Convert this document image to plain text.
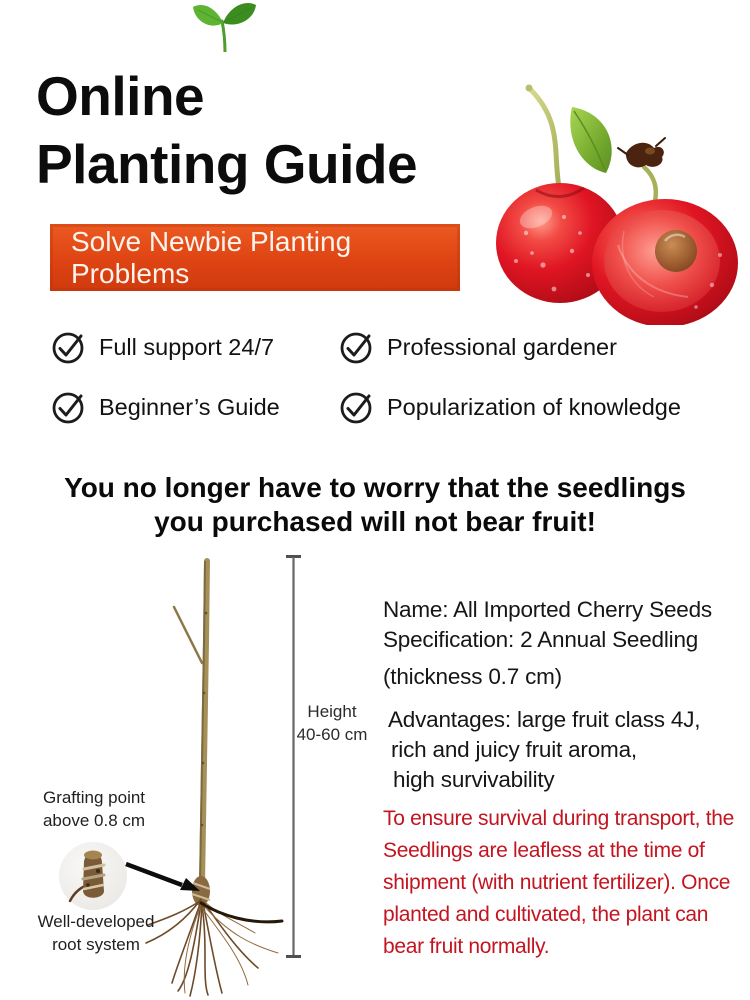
Online
Planting Guide
Solve Newbie Planting Problems
Full support 24/7	Professional gardener
Beginner’s Guide	Popularization of knowledge
You no longer have to worry that the seedlings
you purchased will not bear fruit!
Height
40-60 cm
Grafting point
above 0.8 cm
Well-developed
root system
Name: All Imported Cherry Seeds
Specification: 2 Annual Seedling
(thickness 0.7 cm)
Advantages: large fruit class 4J,
rich and juicy fruit aroma,
high survivability
To ensure survival during transport, the
Seedlings are leafless at the time of
shipment (with nutrient fertilizer). Once
planted and cultivated, the plant can
bear fruit normally.
